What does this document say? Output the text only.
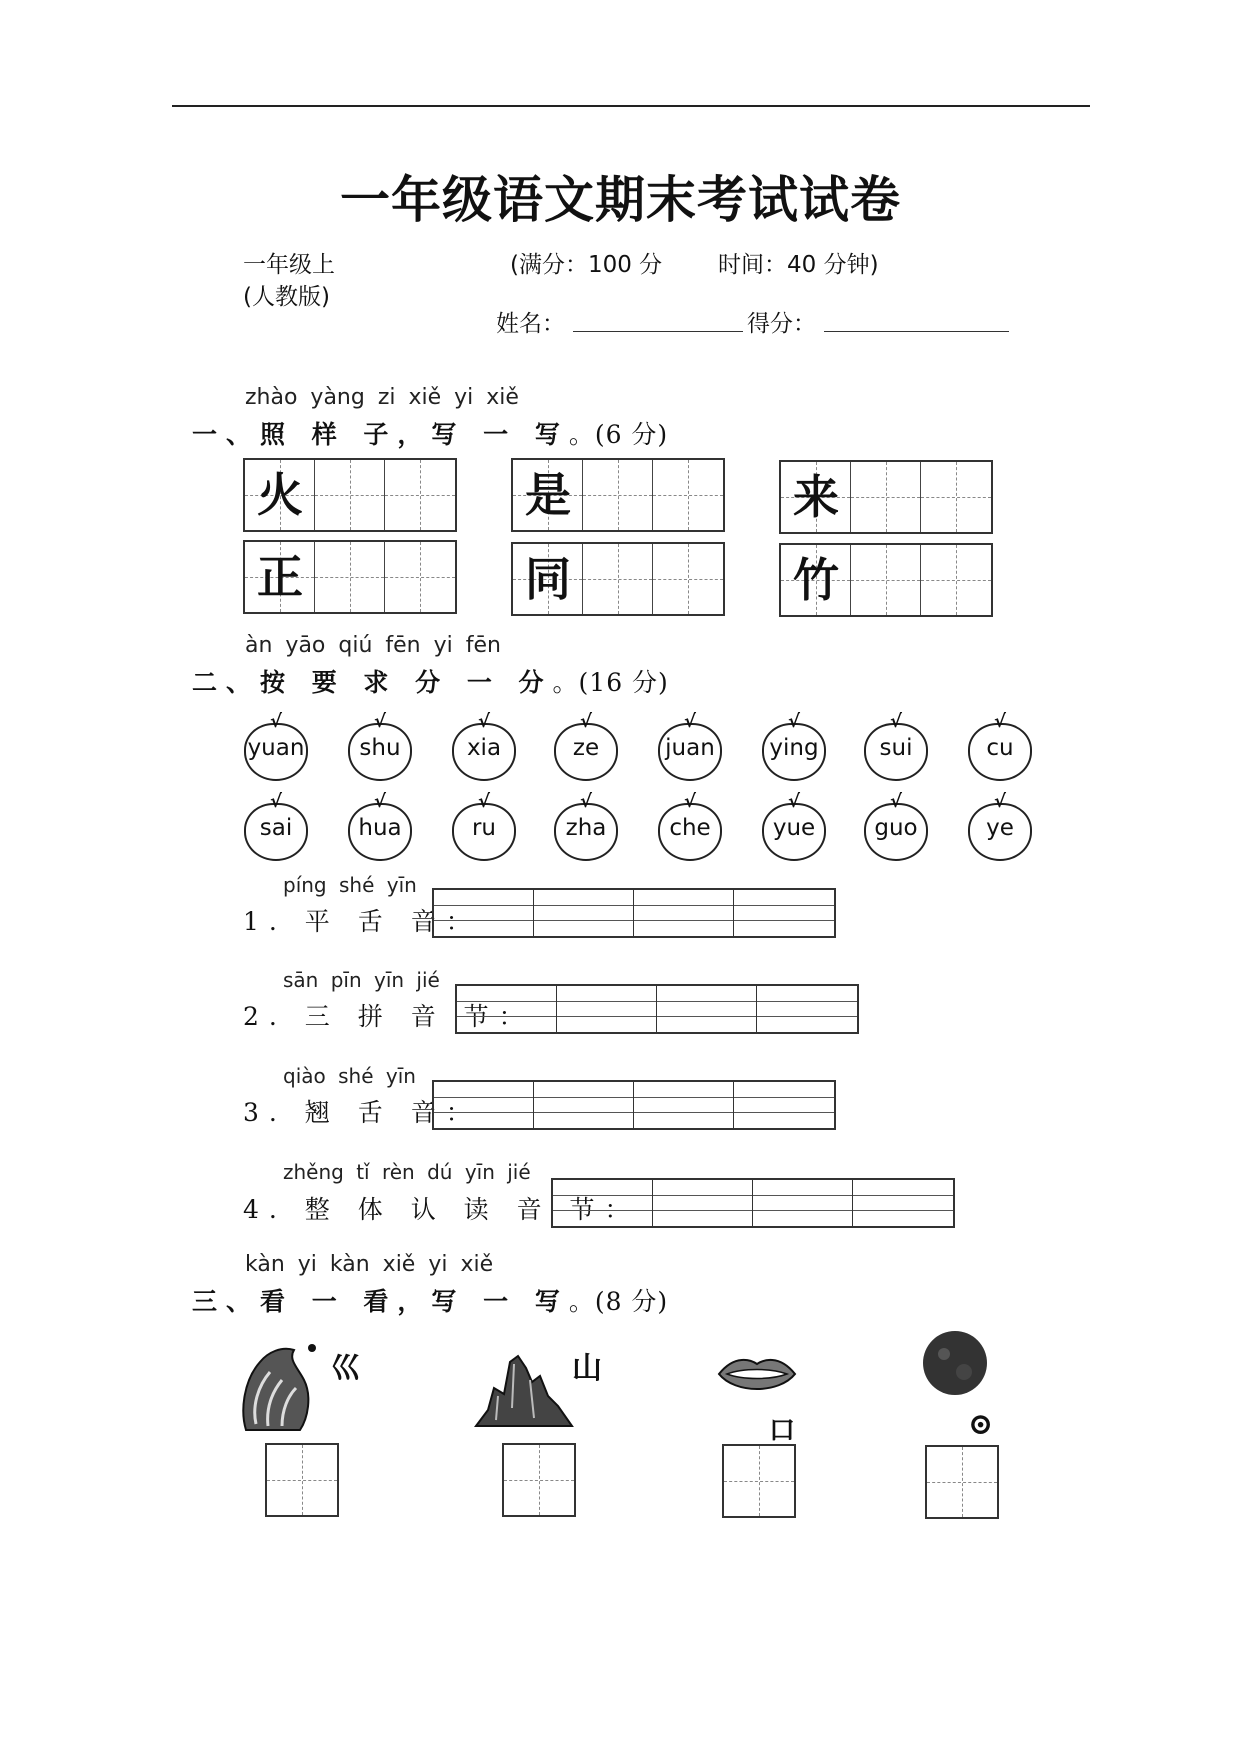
一年级语文期末考试试卷
一年级上
(人教版)
(满分：100 分 时间：40 分钟)
姓名：	得分：
zhào yàng zi xiě yi xiě
一、照 样 子，写 一 写。(6 分)
火	是	来
正	同	竹
àn yāo qiú fēn yi fēn
二、按 要 求 分 一 分。(16 分)
√
yuan
√
shu
√
xia
√
ze
√
juan
√
ying
√
sui
√
cu
√
sai
√
hua
√
ru
√
zha
√
che
√
yue
√
guo
√
ye
píng shé yīn
1. 平 舌 音：
sān pīn yīn jié
2. 三 拼 音 节：
qiào shé yīn
3. 翘 舌 音：
zhěng tǐ rèn dú yīn jié
4. 整 体 认 读 音 节：
kàn yi kàn xiě yi xiě
三、看 一 看，写 一 写。(8 分)
巛	山
口	⊙
